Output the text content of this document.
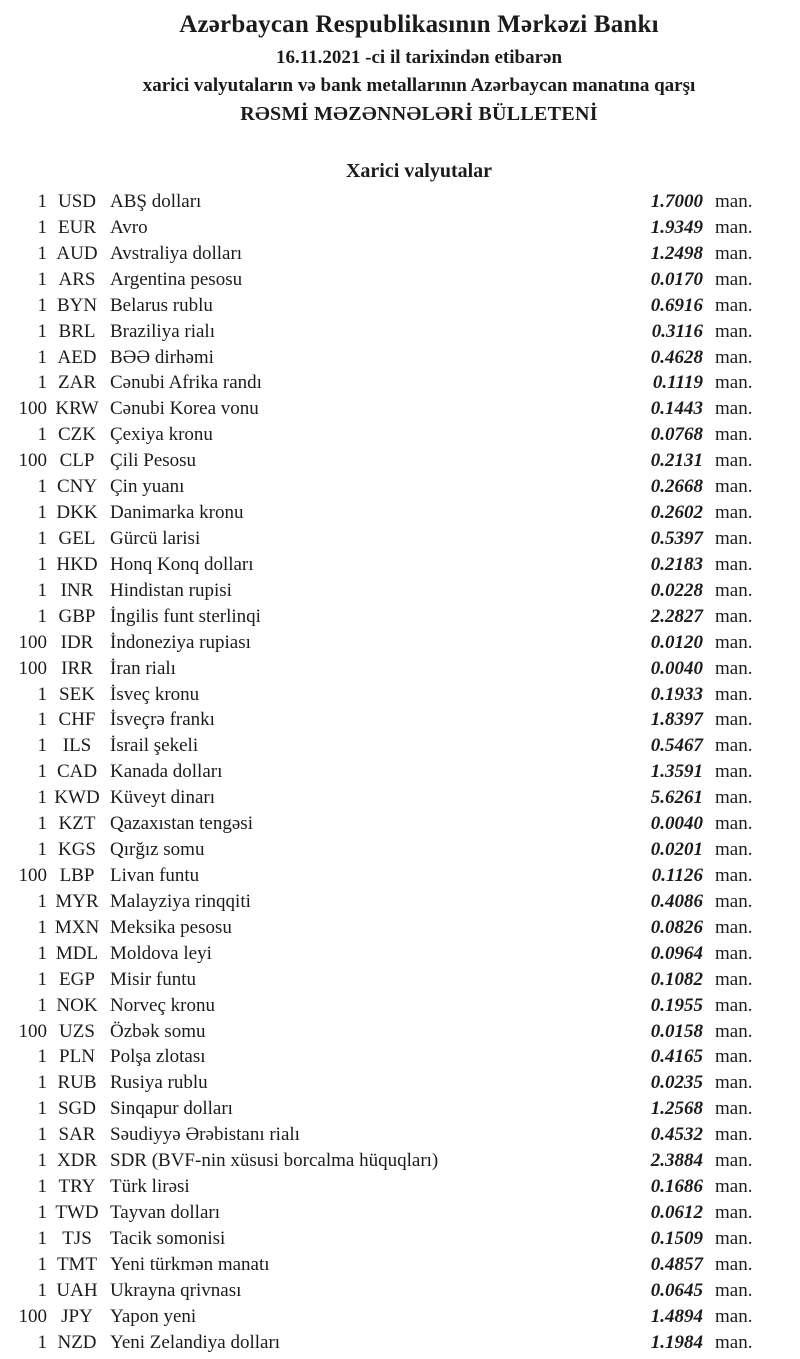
Azərbaycan Respublikasının Mərkəzi Bankı
16.11.2021 -ci il tarixindən etibarən
xarici valyutaların və bank metallarının Azərbaycan manatına qarşı
RƏSMİ MƏZƏNNƏLƏRİ BÜLLETENİ
Xarici valyutalar
1 USD ABŞ dolları	1.7000 man.
1 EUR Avro	1.9349 man.
1 AUD Avstraliya dolları	1.2498 man.
1 ARS Argentina pesosu	0.0170 man.
1 BYN Belarus rublu	0.6916 man.
1 BRL Braziliya rialı	0.3116 man.
1 AED BƏƏ dirhəmi	0.4628 man.
1 ZAR Cənubi Afrika randı	0.1119 man.
100 KRW Cənubi Korea vonu	0.1443 man.
1 CZK Çexiya kronu	0.0768 man.
100 CLP Çili Pesosu	0.2131 man.
1 CNY Çin yuanı	0.2668 man.
1 DKK Danimarka kronu	0.2602 man.
1 GEL Gürcü larisi	0.5397 man.
1 HKD Honq Konq dolları	0.2183 man.
1 INR Hindistan rupisi	0.0228 man.
1 GBP İngilis funt sterlinqi	2.2827 man.
100 IDR İndoneziya rupiası	0.0120 man.
100 IRR İran rialı	0.0040 man.
1 SEK İsveç kronu	0.1933 man.
1 CHF İsveçrə frankı	1.8397 man.
1 ILS İsrail şekeli	0.5467 man.
1 CAD Kanada dolları	1.3591 man.
1 KWD Küveyt dinarı	5.6261 man.
1 KZT Qazaxıstan tengəsi	0.0040 man.
1 KGS Qırğız somu	0.0201 man.
100 LBP Livan funtu	0.1126 man.
1 MYR Malayziya rinqqiti	0.4086 man.
1 MXN Meksika pesosu	0.0826 man.
1 MDL Moldova leyi	0.0964 man.
1 EGP Misir funtu	0.1082 man.
1 NOK Norveç kronu	0.1955 man.
100 UZS Özbək somu	0.0158 man.
1 PLN Polşa zlotası	0.4165 man.
1 RUB Rusiya rublu	0.0235 man.
1 SGD Sinqapur dolları	1.2568 man.
1 SAR Səudiyyə Ərəbistanı rialı	0.4532 man.
1 XDR SDR (BVF-nin xüsusi borcalma hüquqları)	2.3884 man.
1 TRY Türk lirəsi	0.1686 man.
1 TWD Tayvan dolları	0.0612 man.
1 TJS Tacik somonisi	0.1509 man.
1 TMT Yeni türkmən manatı	0.4857 man.
1 UAH Ukrayna qrivnası	0.0645 man.
100 JPY Yapon yeni	1.4894 man.
1 NZD Yeni Zelandiya dolları	1.1984 man.
